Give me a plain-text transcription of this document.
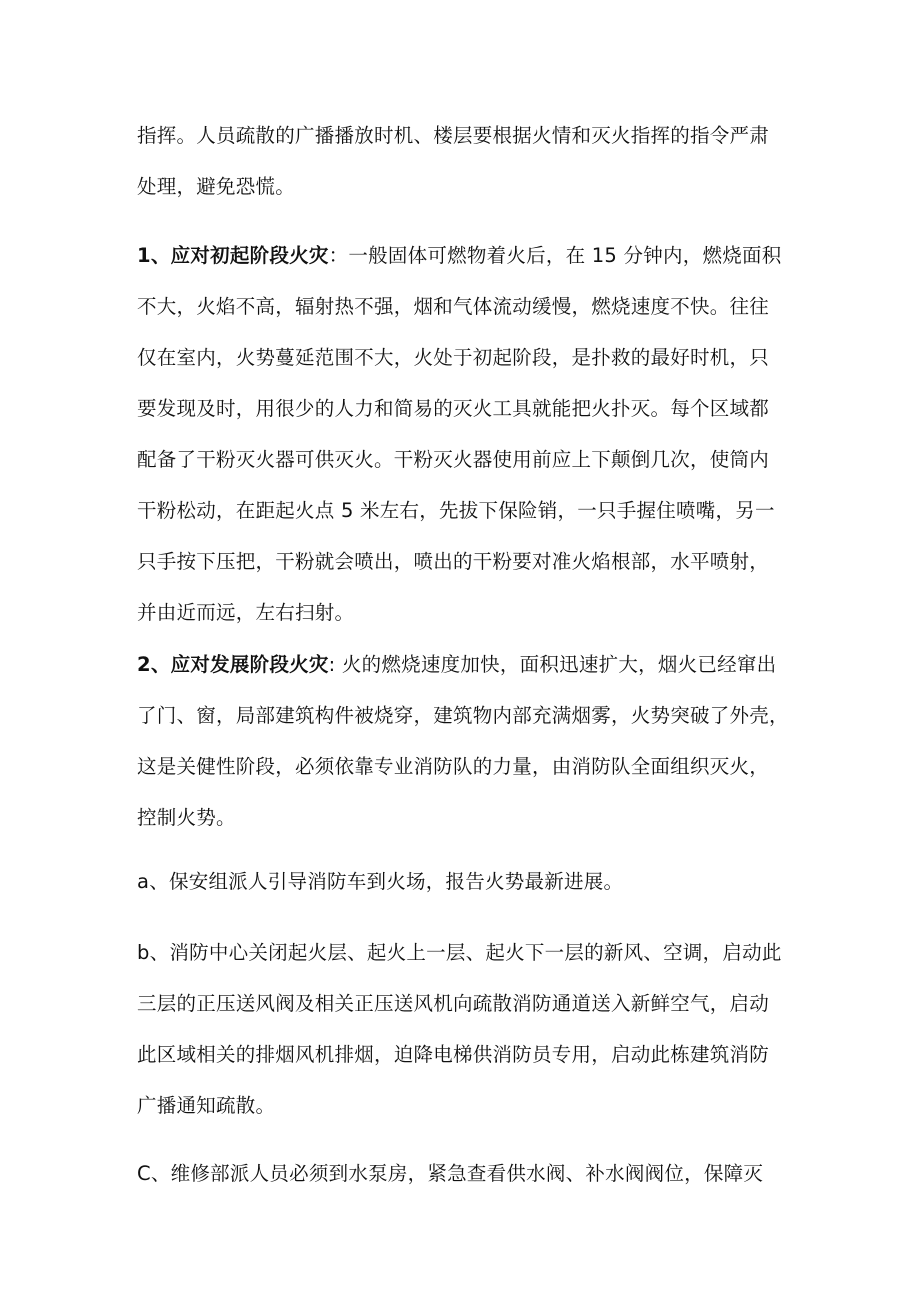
指挥。人员疏散的广播播放时机、楼层要根据火情和灭火指挥的指令严肃
处理，避免恐慌。
1、应对初起阶段火灾：一般固体可燃物着火后，在 15 分钟内，燃烧面积
不大，火焰不高，辐射热不强，烟和气体流动缓慢，燃烧速度不快。往往
仅在室内，火势蔓延范围不大，火处于初起阶段，是扑救的最好时机，只
要发现及时，用很少的人力和简易的灭火工具就能把火扑灭。每个区域都
配备了干粉灭火器可供灭火。干粉灭火器使用前应上下颠倒几次，使筒内
干粉松动，在距起火点 5 米左右，先拔下保险销，一只手握住喷嘴，另一
只手按下压把，干粉就会喷出，喷出的干粉要对准火焰根部，水平喷射，
并由近而远，左右扫射。
2、应对发展阶段火灾: 火的燃烧速度加快，面积迅速扩大，烟火已经窜出
了门、窗，局部建筑构件被烧穿，建筑物内部充满烟雾，火势突破了外壳，
这是关健性阶段，必须依靠专业消防队的力量，由消防队全面组织灭火，
控制火势。
a、保安组派人引导消防车到火场，报告火势最新进展。
b、消防中心关闭起火层、起火上一层、起火下一层的新风、空调，启动此
三层的正压送风阀及相关正压送风机向疏散消防通道送入新鲜空气，启动
此区域相关的排烟风机排烟，迫降电梯供消防员专用，启动此栋建筑消防
广播通知疏散。
C、维修部派人员必须到水泵房，紧急查看供水阀、补水阀阀位，保障灭
